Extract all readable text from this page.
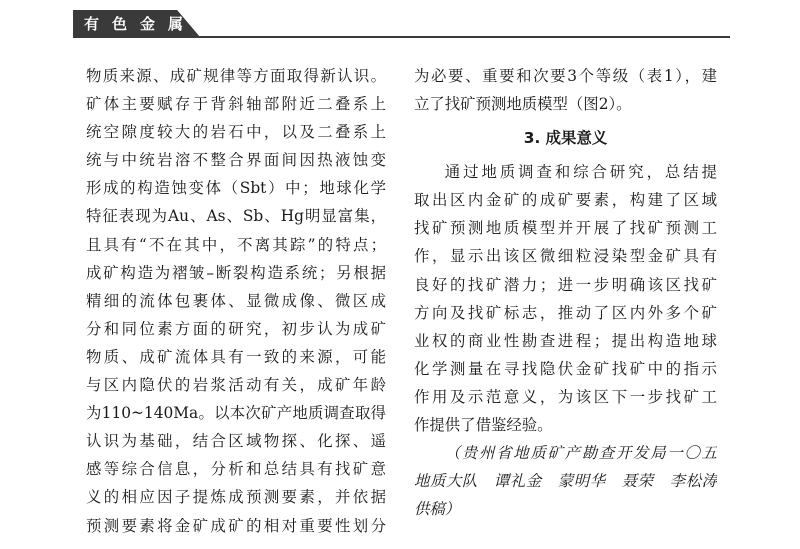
有色金属
物质来源、成矿规律等方面取得新认识。
矿体主要赋存于背斜轴部附近二叠系上
统空隙度较大的岩石中，以及二叠系上
统与中统岩溶不整合界面间因热液蚀变
形成的构造蚀变体（Sbt）中；地球化学
特征表现为Au、As、Sb、Hg明显富集，
且具有“不在其中，不离其踪”的特点；
成矿构造为褶皱–断裂构造系统；另根据
精细的流体包裹体、显微成像、微区成
分和同位素方面的研究，初步认为成矿
物质、成矿流体具有一致的来源，可能
与区内隐伏的岩浆活动有关，成矿年龄
为110~140Ma。以本次矿产地质调查取得
认识为基础，结合区域物探、化探、遥
感等综合信息，分析和总结具有找矿意
义的相应因子提炼成预测要素，并依据
预测要素将金矿成矿的相对重要性划分
为必要、重要和次要3个等级（表1），建
立了找矿预测地质模型（图2）。
3. 成果意义
通过地质调查和综合研究，总结提
取出区内金矿的成矿要素，构建了区域
找矿预测地质模型并开展了找矿预测工
作，显示出该区微细粒浸染型金矿具有
良好的找矿潜力；进一步明确该区找矿
方向及找矿标志，推动了区内外多个矿
业权的商业性勘查进程；提出构造地球
化学测量在寻找隐伏金矿找矿中的指示
作用及示范意义，为该区下一步找矿工
作提供了借鉴经验。
（贵州省地质矿产勘查开发局一〇五
地质大队　谭礼金　蒙明华　聂荣　李松涛
供稿）
